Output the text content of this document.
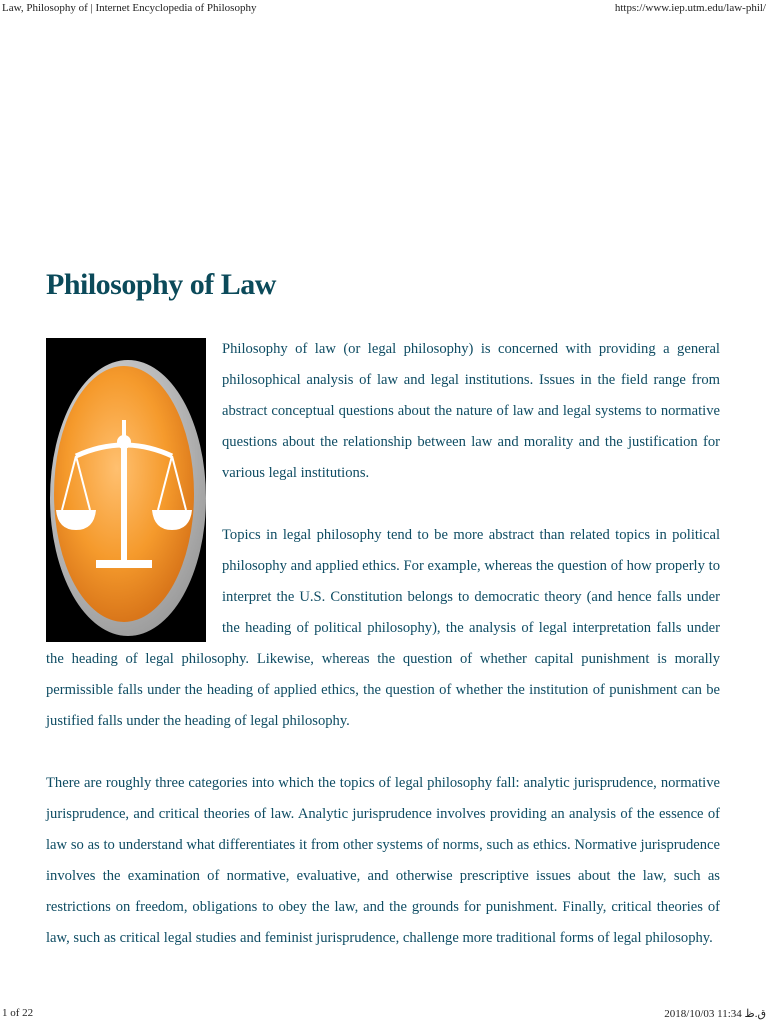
Law, Philosophy of | Internet Encyclopedia of Philosophy	https://www.iep.utm.edu/law-phil/
Philosophy of Law

Philosophy of law (or legal philosophy) is concerned with providing a general philosophical analysis of law and legal institutions. Issues in the field range from abstract conceptual questions about the nature of law and legal systems to normative questions about the relationship between law and morality and the justification for various legal institutions.

Topics in legal philosophy tend to be more abstract than related topics in political philosophy and applied ethics. For example, whereas the question of how properly to interpret the U.S. Constitution belongs to democratic theory (and hence falls under the heading of political philosophy), the analysis of legal interpretation falls under the heading of legal philosophy. Likewise, whereas the question of whether capital punishment is morally permissible falls under the heading of applied ethics, the question of whether the institution of punishment can be justified falls under the heading of legal philosophy.

There are roughly three categories into which the topics of legal philosophy fall: analytic jurisprudence, normative jurisprudence, and critical theories of law. Analytic jurisprudence involves providing an analysis of the essence of law so as to understand what differentiates it from other systems of norms, such as ethics. Normative jurisprudence involves the examination of normative, evaluative, and otherwise prescriptive issues about the law, such as restrictions on freedom, obligations to obey the law, and the grounds for punishment. Finally, critical theories of law, such as critical legal studies and feminist jurisprudence, challenge more traditional forms of legal philosophy.

1 of 22	2018/10/03 11:34 ق.ظ
